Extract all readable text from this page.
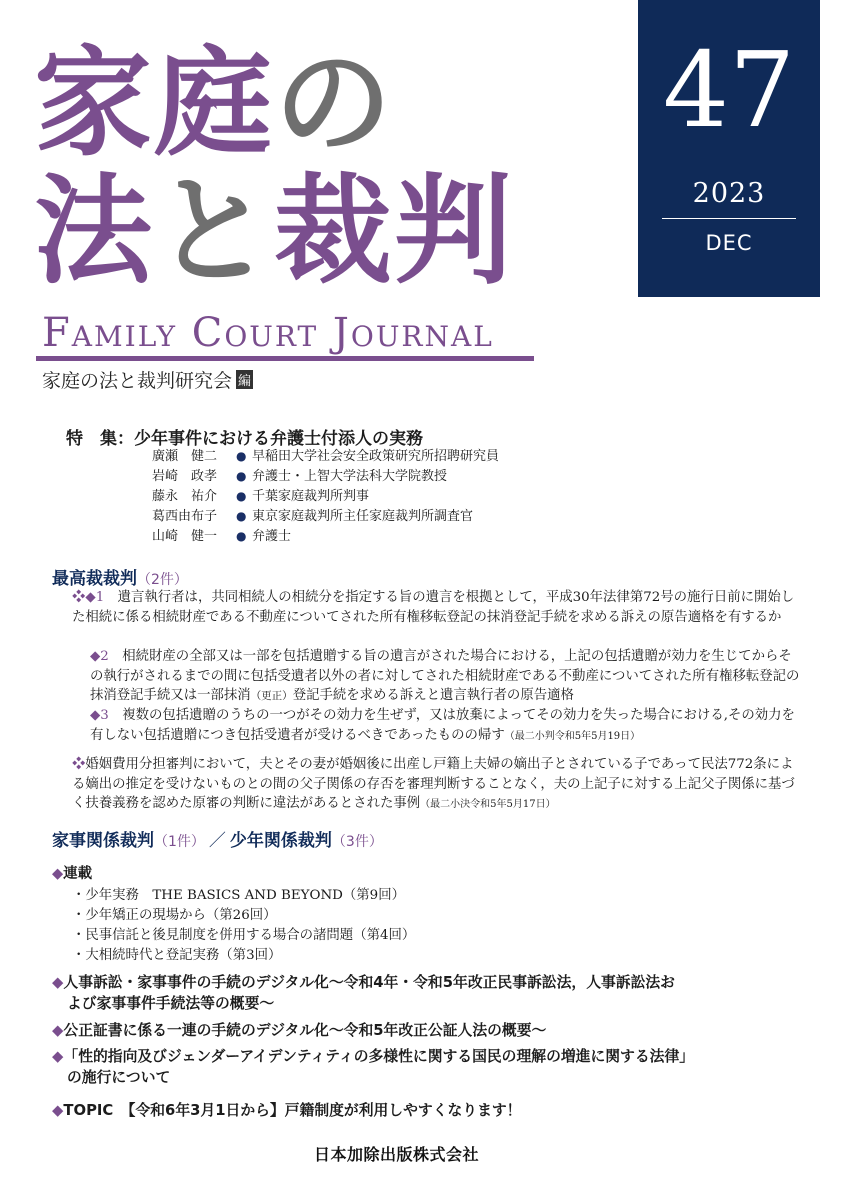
家庭の
法と裁判
Family Court Journal
家庭の法と裁判研究会 編
47
2023
DEC
特　集：少年事件における弁護士付添人の実務
廣瀬　健二 ● 早稲田大学社会安全政策研究所招聘研究員
岩崎　政孝 ● 弁護士・上智大学法科大学院教授
藤永　祐介 ● 千葉家庭裁判所判事
葛西由布子 ● 東京家庭裁判所主任家庭裁判所調査官
山崎　健一 ● 弁護士
最高裁裁判（2件）
❖◆1　遺言執行者は，共同相続人の相続分を指定する旨の遺言を根拠として，平成30年法律第72号の施行日前に開始した相続に係る相続財産である不動産についてされた所有権移転登記の抹消登記手続を求める訴えの原告適格を有するか
◆2　相続財産の全部又は一部を包括遺贈する旨の遺言がされた場合における，上記の包括遺贈が効力を生じてからその執行がされるまでの間に包括受遺者以外の者に対してされた相続財産である不動産についてされた所有権移転登記の抹消登記手続又は一部抹消（更正）登記手続を求める訴えと遺言執行者の原告適格
◆3　複数の包括遺贈のうちの一つがその効力を生ぜず，又は放棄によってその効力を失った場合における,その効力を有しない包括遺贈につき包括受遺者が受けるべきであったものの帰す（最二小判令和5年5月19日）
❖婚姻費用分担審判において，夫とその妻が婚姻後に出産し戸籍上夫婦の嫡出子とされている子であって民法772条による嫡出の推定を受けないものとの間の父子関係の存否を審理判断することなく，夫の上記子に対する上記父子関係に基づく扶養義務を認めた原審の判断に違法があるとされた事例（最二小決令和5年5月17日）
家事関係裁判（1件） ／ 少年関係裁判（3件）
◆連載
・少年実務　THE BASICS AND BEYOND（第9回）
・少年矯正の現場から（第26回）
・民事信託と後見制度を併用する場合の諸問題（第4回）
・大相続時代と登記実務（第3回）
◆人事訴訟・家事事件の手続のデジタル化～令和4年・令和5年改正民事訴訟法，人事訴訟法お
よび家事事件手続法等の概要～
◆公正証書に係る一連の手続のデジタル化～令和5年改正公証人法の概要～
◆「性的指向及びジェンダーアイデンティティの多様性に関する国民の理解の増進に関する法律」
の施行について
◆TOPIC　【令和6年3月1日から】戸籍制度が利用しやすくなります！
日本加除出版株式会社
